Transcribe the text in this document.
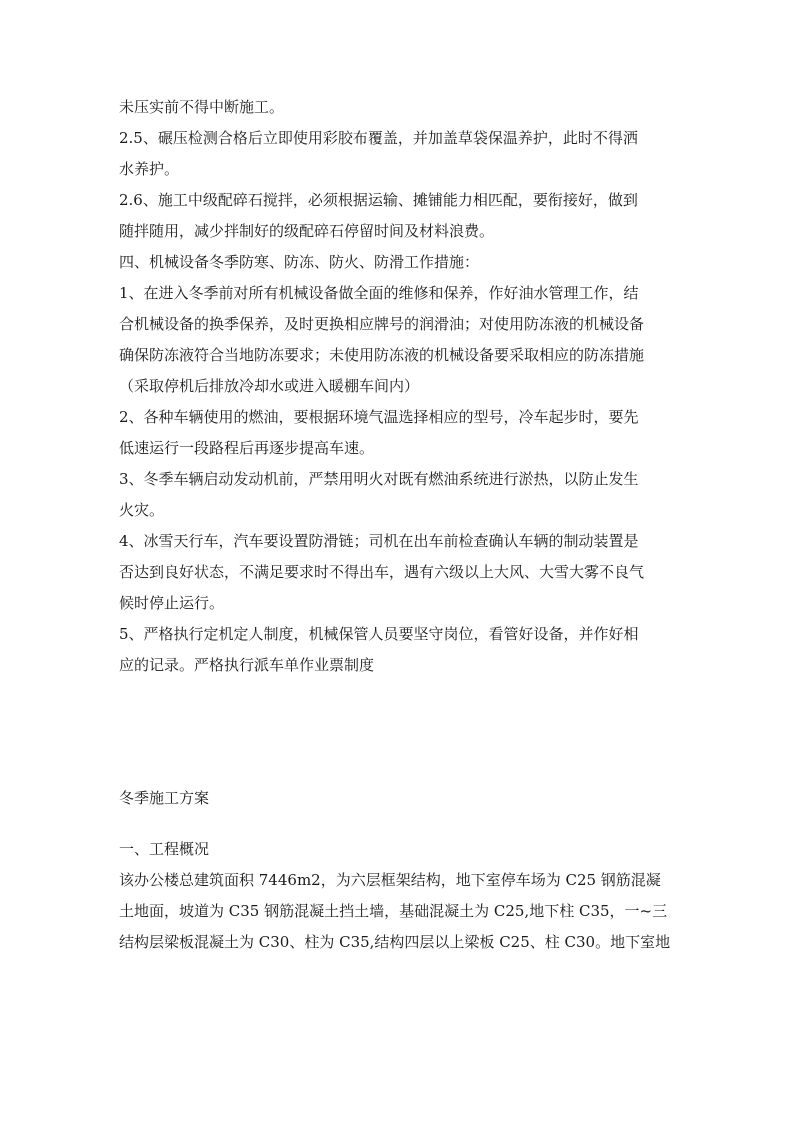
未压实前不得中断施工。
2.5、碾压检测合格后立即使用彩胶布覆盖，并加盖草袋保温养护，此时不得洒
水养护。
2.6、施工中级配碎石搅拌，必须根据运输、摊铺能力相匹配，要衔接好，做到
随拌随用，减少拌制好的级配碎石停留时间及材料浪费。
四、机械设备冬季防寒、防冻、防火、防滑工作措施：
1、在进入冬季前对所有机械设备做全面的维修和保养，作好油水管理工作，结
合机械设备的换季保养，及时更换相应牌号的润滑油；对使用防冻液的机械设备
确保防冻液符合当地防冻要求；未使用防冻液的机械设备要采取相应的防冻措施
（采取停机后排放冷却水或进入暖棚车间内）
2、各种车辆使用的燃油，要根据环境气温选择相应的型号，冷车起步时，要先
低速运行一段路程后再逐步提高车速。
3、冬季车辆启动发动机前，严禁用明火对既有燃油系统进行淤热，以防止发生
火灾。
4、冰雪天行车，汽车要设置防滑链；司机在出车前检查确认车辆的制动装置是
否达到良好状态，不满足要求时不得出车，遇有六级以上大风、大雪大雾不良气
候时停止运行。
5、严格执行定机定人制度，机械保管人员要坚守岗位，看管好设备，并作好相
应的记录。严格执行派车单作业票制度
冬季施工方案
一、工程概况
该办公楼总建筑面积 7446m2，为六层框架结构，地下室停车场为 C25 钢筋混凝
土地面，坡道为 C35 钢筋混凝土挡土墙，基础混凝土为 C25,地下柱 C35，一~三
结构层梁板混凝土为 C30、柱为 C35,结构四层以上梁板 C25、柱 C30。地下室地
